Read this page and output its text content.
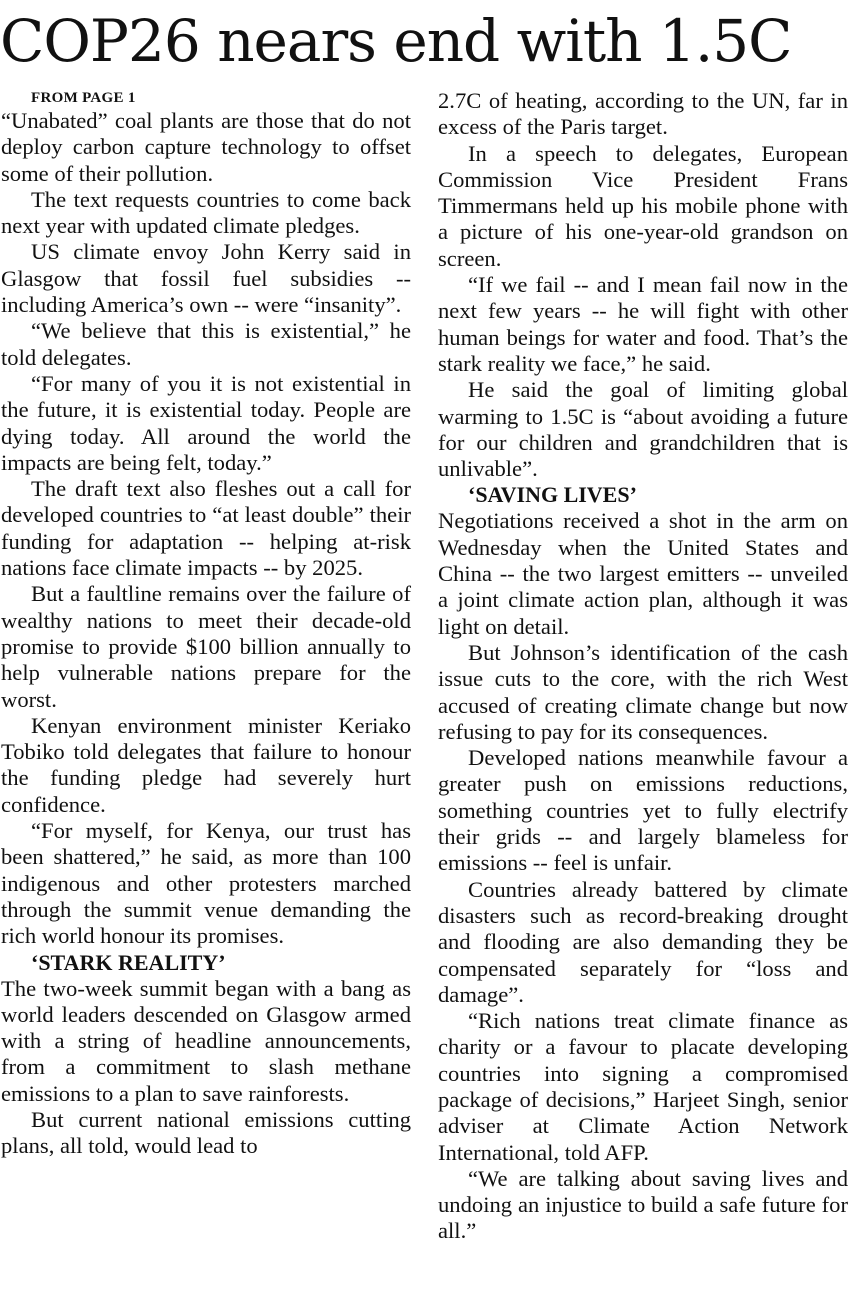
COP26 nears end with 1.5C

FROM PAGE 1

“Unabated” coal plants are those that do not deploy carbon capture technology to offset some of their pollution.

The text requests countries to come back next year with updated climate pledges.

US climate envoy John Kerry said in Glasgow that fossil fuel subsidies -- including America’s own -- were “insanity”.

“We believe that this is existential,” he told delegates.

“For many of you it is not existential in the future, it is existential today. People are dying today. All around the world the impacts are being felt, today.”

The draft text also fleshes out a call for developed countries to “at least double” their funding for adaptation -- helping at-risk nations face climate impacts -- by 2025.

But a faultline remains over the failure of wealthy nations to meet their decade-old promise to provide $100 billion annually to help vulnerable nations prepare for the worst.

Kenyan environment minister Keriako Tobiko told delegates that failure to honour the funding pledge had severely hurt confidence.

“For myself, for Kenya, our trust has been shattered,” he said, as more than 100 indigenous and other protesters marched through the summit venue demanding the rich world honour its promises.

‘STARK REALITY’

The two-week summit began with a bang as world leaders descended on Glasgow armed with a string of headline announcements, from a commitment to slash methane emissions to a plan to save rainforests.

But current national emissions cutting plans, all told, would lead to

2.7C of heating, according to the UN, far in excess of the Paris target.

In a speech to delegates, European Commission Vice President Frans Timmermans held up his mobile phone with a picture of his one-year-old grandson on screen.

“If we fail -- and I mean fail now in the next few years -- he will fight with other human beings for water and food. That’s the stark reality we face,” he said.

He said the goal of limiting global warming to 1.5C is “about avoiding a future for our children and grandchildren that is unlivable”.

‘SAVING LIVES’

Negotiations received a shot in the arm on Wednesday when the United States and China -- the two largest emitters -- unveiled a joint climate action plan, although it was light on detail.

But Johnson’s identification of the cash issue cuts to the core, with the rich West accused of creating climate change but now refusing to pay for its consequences.

Developed nations meanwhile favour a greater push on emissions reductions, something countries yet to fully electrify their grids -- and largely blameless for emissions -- feel is unfair.

Countries already battered by climate disasters such as record-breaking drought and flooding are also demanding they be compensated separately for “loss and damage”.

“Rich nations treat climate finance as charity or a favour to placate developing countries into signing a compromised package of decisions,” Harjeet Singh, senior adviser at Climate Action Network International, told AFP.

“We are talking about saving lives and undoing an injustice to build a safe future for all.”
